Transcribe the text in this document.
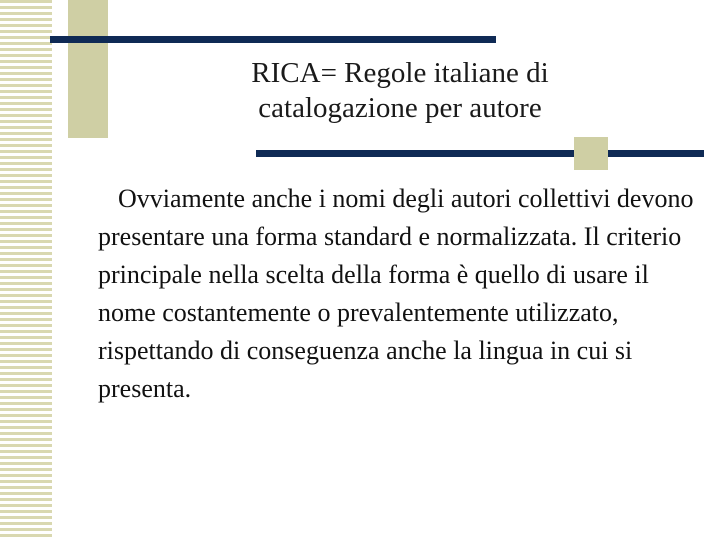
RICA= Regole italiane di
catalogazione per autore

Ovviamente anche i nomi degli autori collettivi devono presentare una forma standard e normalizzata. Il criterio principale nella scelta della forma è quello di usare il nome costantemente o prevalentemente utilizzato, rispettando di conseguenza anche la lingua in cui si presenta.
